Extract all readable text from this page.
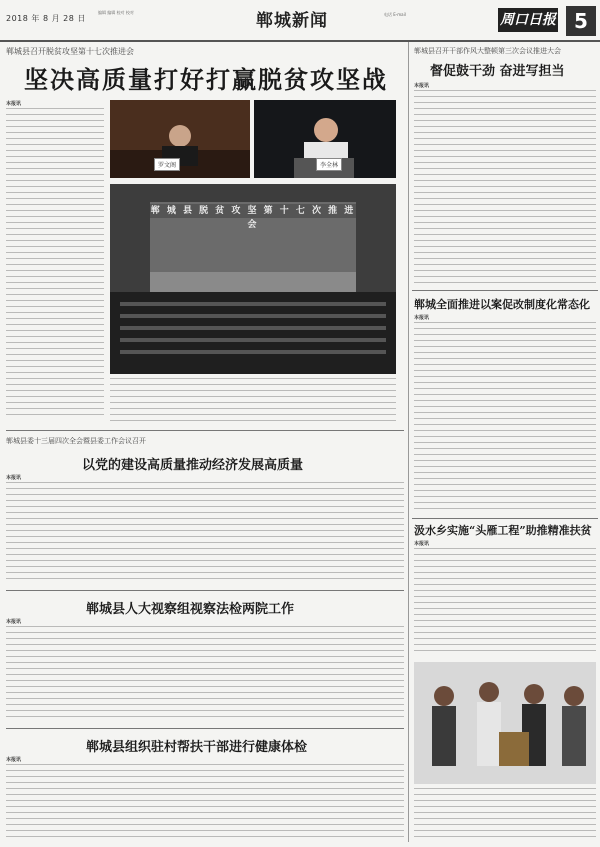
2018 年 8 月 28 日
编辑 编辑 校对 校对	郸城新闻	电话 E-mail	周口日报 5
郸城县召开脱贫攻坚第十七次推进会
坚决高质量打好打赢脱贫攻坚战
本报讯
罗文阁	李全林
郸 城 县 脱 贫 攻 坚 第 十 七 次 推 进 会
郸城县委十三届四次全会暨县委工作会议召开
以党的建设高质量推动经济发展高质量
本报讯
郸城县人大视察组视察法检两院工作
本报讯
郸城县组织驻村帮扶干部进行健康体检
本报讯
郸城县召开干部作风大整顿第三次会议推进大会
督促鼓干劲 奋进写担当
本报讯
郸城全面推进以案促改制度化常态化
本报讯
汲水乡实施“头雁工程”助推精准扶贫
本报讯
